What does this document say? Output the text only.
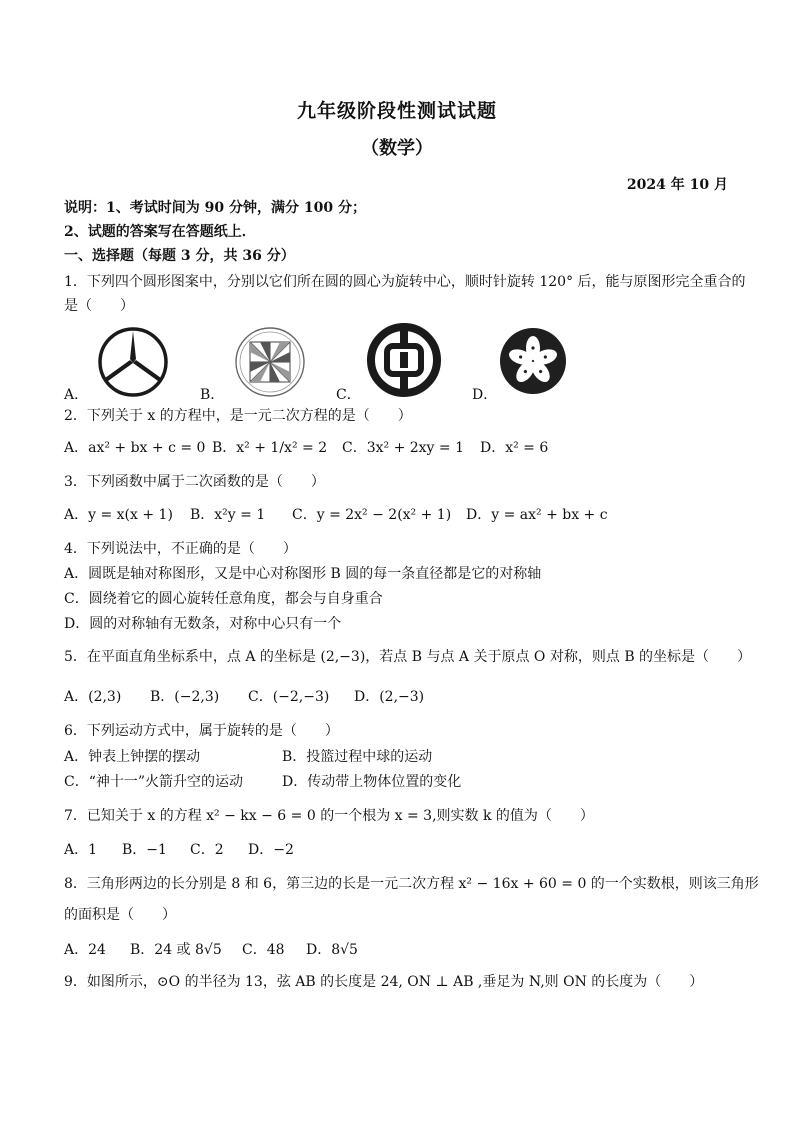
九年级阶段性测试试题
（数学）
2024 年 10 月
说明：1、考试时间为 90 分钟，满分 100 分；
2、试题的答案写在答题纸上．
一、选择题（每题 3 分，共 36 分）
1．下列四个圆形图案中，分别以它们所在圆的圆心为旋转中心，顺时针旋转 120° 后，能与原图形完全重合的
是（　　）
A．	B．	C．	D．
2．下列关于 x 的方程中，是一元二次方程的是（　　）
A．ax² + bx + c = 0 B．x² + 1/x² = 2 C．3x² + 2xy = 1 D．x² = 6
3．下列函数中属于二次函数的是（　　）
A．y = x(x + 1) B．x²y = 1 C．y = 2x² − 2(x² + 1) D．y = ax² + bx + c
4．下列说法中，不正确的是（　　）
A．圆既是轴对称图形，又是中心对称图形 B 圆的每一条直径都是它的对称轴
C．圆绕着它的圆心旋转任意角度，都会与自身重合
D．圆的对称轴有无数条，对称中心只有一个
5．在平面直角坐标系中，点 A 的坐标是 (2,−3)，若点 B 与点 A 关于原点 O 对称，则点 B 的坐标是（　　）
A．(2,3) B．(−2,3) C．(−2,−3) D．(2,−3)
6．下列运动方式中，属于旋转的是（　　）
A．钟表上钟摆的摆动	B．投篮过程中球的运动
C．“神十一”火箭升空的运动	D．传动带上物体位置的变化
7．已知关于 x 的方程 x² − kx − 6 = 0 的一个根为 x = 3,则实数 k 的值为（　　）
A．1 B．−1 C．2 D．−2
8．三角形两边的长分别是 8 和 6，第三边的长是一元二次方程 x² − 16x + 60 = 0 的一个实数根，则该三角形
的面积是（　　）
A．24 B．24 或 8√5 C．48 D．8√5
9．如图所示，⊙O 的半径为 13，弦 AB 的长度是 24, ON ⊥ AB ,垂足为 N,则 ON 的长度为（　　）
